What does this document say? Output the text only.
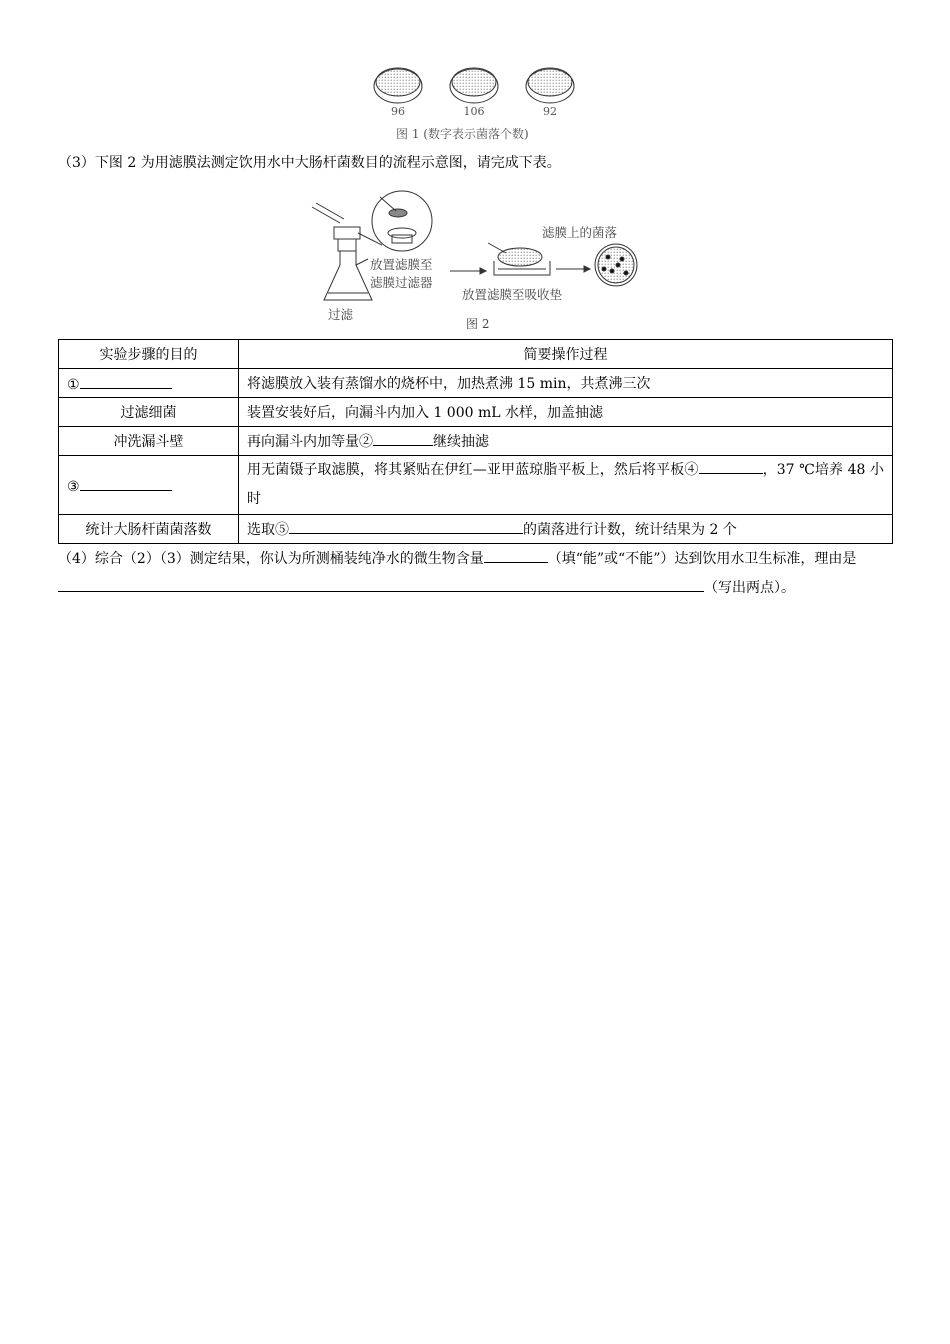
96	106	92
图 1 (数字表示菌落个数)
（3）下图 2 为用滤膜法测定饮用水中大肠杆菌数目的流程示意图，请完成下表。
过滤
放置滤膜至
滤膜过滤器
放置滤膜至吸收垫
滤膜上的菌落
图 2
实验步骤的目的	简要操作过程
①	将滤膜放入装有蒸馏水的烧杯中，加热煮沸 15 min，共煮沸三次
过滤细菌	装置安装好后，向漏斗内加入 1 000 mL 水样，加盖抽滤
冲洗漏斗壁	再向漏斗内加等量② 继续抽滤
③	用无菌镊子取滤膜，将其紧贴在伊红—亚甲蓝琼脂平板上，然后将平板④ ，37 ℃培养 48 小时

统计大肠杆菌菌落数	选取⑤ 的菌落进行计数，统计结果为 2 个
（4）综合（2）（3）测定结果，你认为所测桶装纯净水的微生物含量	（填“能”或“不能”）达到饮用水卫生标准，理由是（写出两点）。
